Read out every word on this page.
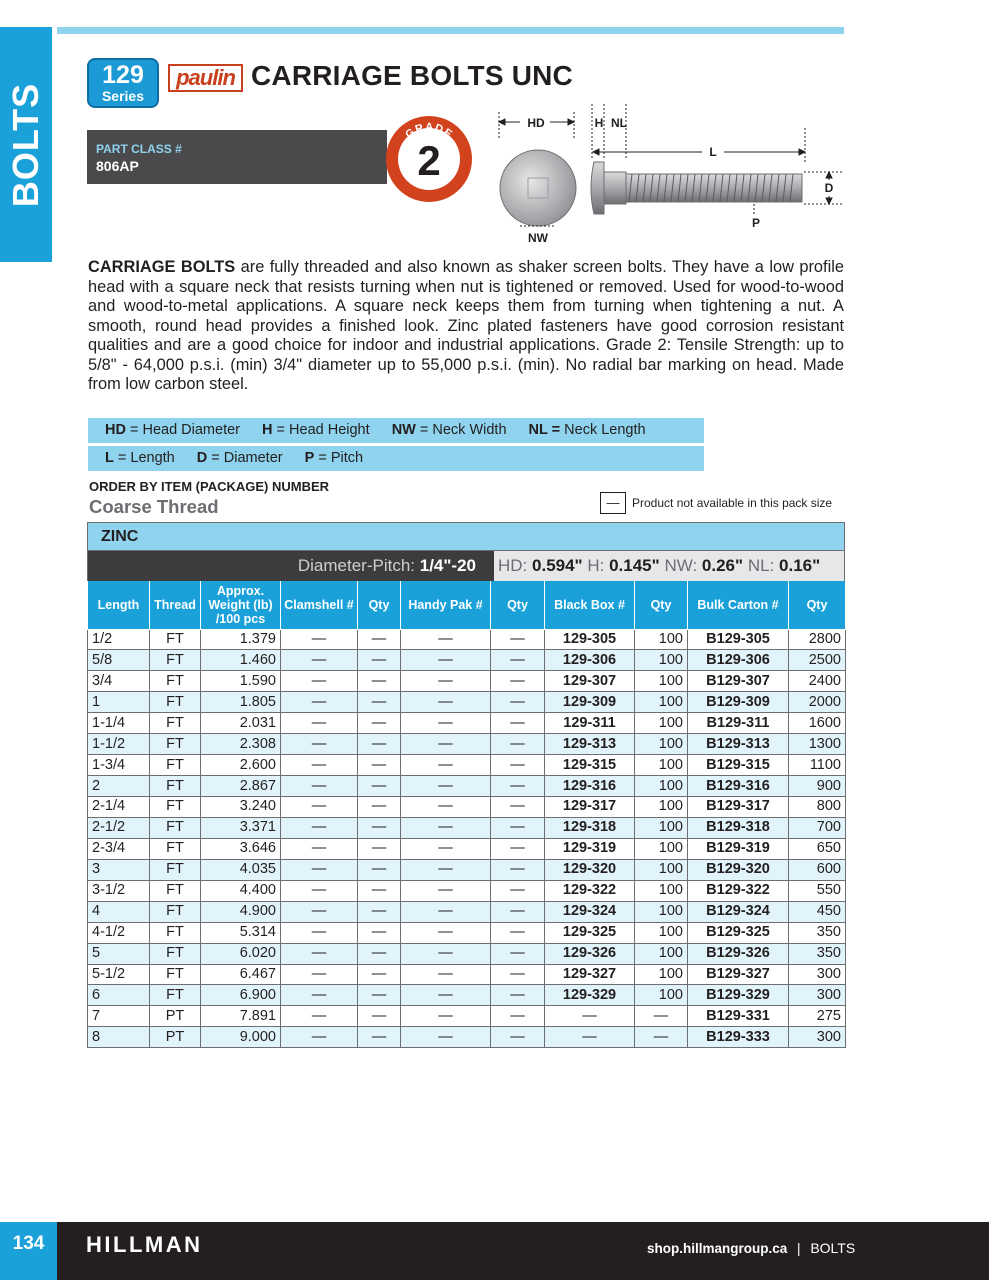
BOLTS
129
Series
paulin CARRIAGE BOLTS UNC
PART CLASS #
806AP
GRADE
2
HD	H NL
L
D
P
NW

CARRIAGE BOLTS are fully threaded and also known as shaker screen bolts. They have a low profile head with a square neck that resists turning when nut is tightened or removed. Used for wood-to-wood and wood-to-metal applications. A square neck keeps them from turning when tightening a nut. A smooth, round head provides a finished look. Zinc plated fasteners have good corrosion resistant qualities and are a good choice for indoor and industrial applications. Grade 2: Tensile Strength: up to 5/8" - 64,000 p.s.i. (min) 3/4" diameter up to 55,000 p.s.i. (min). No radial bar marking on head. Made from low carbon steel.

HD = Head Diameter H = Head Height NW = Neck Width NL = Neck Length
L = Length D = Diameter P = Pitch
ORDER BY ITEM (PACKAGE) NUMBER
Coarse Thread	—	Product not available in this pack size
ZINC
Diameter-Pitch: 1/4"-20	HD: 0.594" H: 0.145" NW: 0.26" NL: 0.16"
Length	Thread	Approx. Weight (lb) /100 pcs	Clamshell #	Qty	Handy Pak #	Qty	Black Box #	Qty	Bulk Carton #	Qty
1/2	FT	1.379	—	—	—	—	129-305	100	B129-305	2800
5/8	FT	1.460	—	—	—	—	129-306	100	B129-306	2500
3/4	FT	1.590	—	—	—	—	129-307	100	B129-307	2400
1	FT	1.805	—	—	—	—	129-309	100	B129-309	2000
1-1/4	FT	2.031	—	—	—	—	129-311	100	B129-311	1600
1-1/2	FT	2.308	—	—	—	—	129-313	100	B129-313	1300
1-3/4	FT	2.600	—	—	—	—	129-315	100	B129-315	1100
2	FT	2.867	—	—	—	—	129-316	100	B129-316	900
2-1/4	FT	3.240	—	—	—	—	129-317	100	B129-317	800
2-1/2	FT	3.371	—	—	—	—	129-318	100	B129-318	700
2-3/4	FT	3.646	—	—	—	—	129-319	100	B129-319	650
3	FT	4.035	—	—	—	—	129-320	100	B129-320	600
3-1/2	FT	4.400	—	—	—	—	129-322	100	B129-322	550
4	FT	4.900	—	—	—	—	129-324	100	B129-324	450
4-1/2	FT	5.314	—	—	—	—	129-325	100	B129-325	350
5	FT	6.020	—	—	—	—	129-326	100	B129-326	350
5-1/2	FT	6.467	—	—	—	—	129-327	100	B129-327	300
6	FT	6.900	—	—	—	—	129-329	100	B129-329	300
7	PT	7.891	—	—	—	—	—	—	B129-331	275
8	PT	9.000	—	—	—	—	—	—	B129-333	300
134	HILLMAN	shop.hillmangroup.ca | BOLTS
